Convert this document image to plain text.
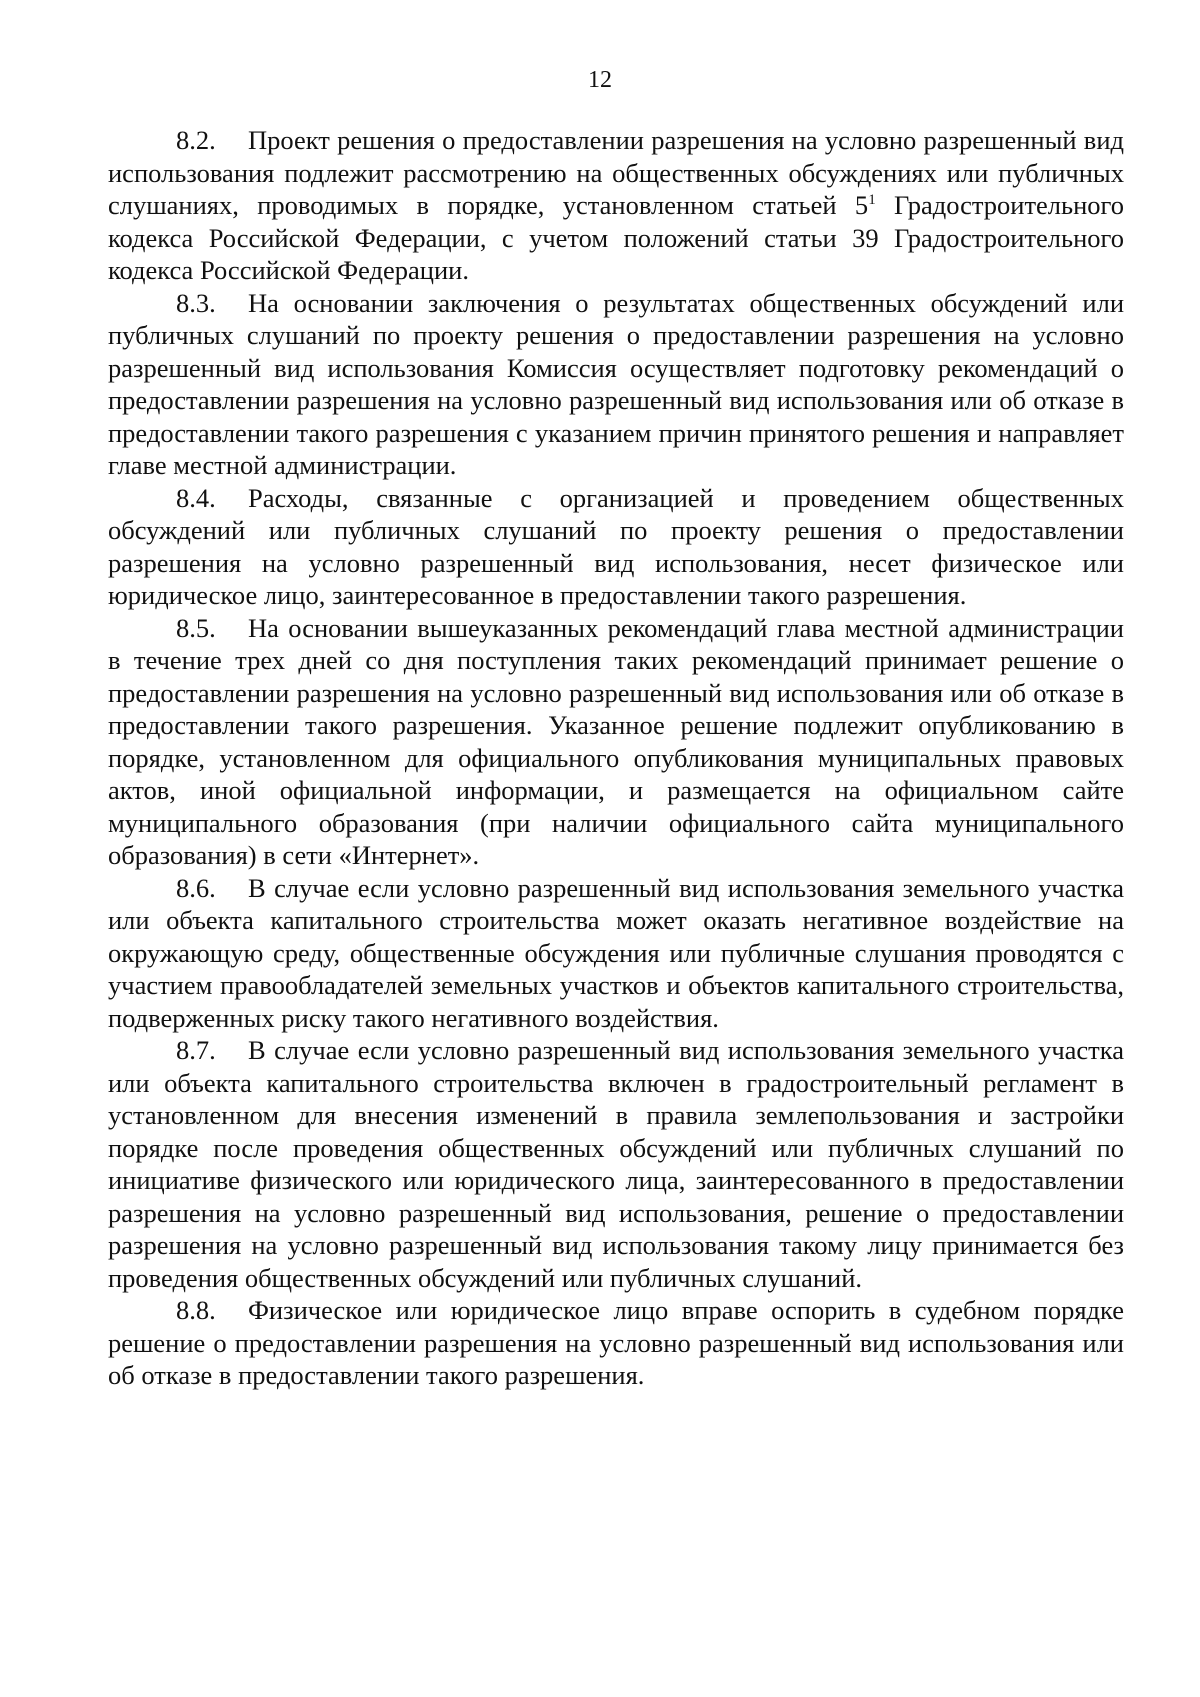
12

8.2. Проект решения о предоставлении разрешения на условно разрешенный вид использования подлежит рассмотрению на общественных обсуждениях или публичных слушаниях, проводимых в порядке, установленном статьей $5^1$ Градостроительного кодекса Российской Федерации, с учетом положений статьи 39 Градостроительного кодекса Российской Федерации.

8.3. На основании заключения о результатах общественных обсуждений или публичных слушаний по проекту решения о предоставлении разрешения на условно разрешенный вид использования Комиссия осуществляет подготовку рекомендаций о предоставлении разрешения на условно разрешенный вид использования или об отказе в предоставлении такого разрешения с указанием причин принятого решения и направляет главе местной администрации.

8.4. Расходы, связанные с организацией и проведением общественных обсуждений или публичных слушаний по проекту решения о предоставлении разрешения на условно разрешенный вид использования, несет физическое или юридическое лицо, заинтересованное в предоставлении такого разрешения.

8.5. На основании вышеуказанных рекомендаций глава местной администрации в течение трех дней со дня поступления таких рекомендаций принимает решение о предоставлении разрешения на условно разрешенный вид использования или об отказе в предоставлении такого разрешения. Указанное решение подлежит опубликованию в порядке, установленном для официального опубликования муниципальных правовых актов, иной официальной информации, и размещается на официальном сайте муниципального образования (при наличии официального сайта муниципального образования) в сети «Интернет».

8.6. В случае если условно разрешенный вид использования земельного участка или объекта капитального строительства может оказать негативное воздействие на окружающую среду, общественные обсуждения или публичные слушания проводятся с участием правообладателей земельных участков и объектов капитального строительства, подверженных риску такого негативного воздействия.

8.7. В случае если условно разрешенный вид использования земельного участка или объекта капитального строительства включен в градостроительный регламент в установленном для внесения изменений в правила землепользования и застройки порядке после проведения общественных обсуждений или публичных слушаний по инициативе физического или юридического лица, заинтересованного в предоставлении разрешения на условно разрешенный вид использования, решение о предоставлении разрешения на условно разрешенный вид использования такому лицу принимается без проведения общественных обсуждений или публичных слушаний.

8.8. Физическое или юридическое лицо вправе оспорить в судебном порядке решение о предоставлении разрешения на условно разрешенный вид использования или об отказе в предоставлении такого разрешения.
